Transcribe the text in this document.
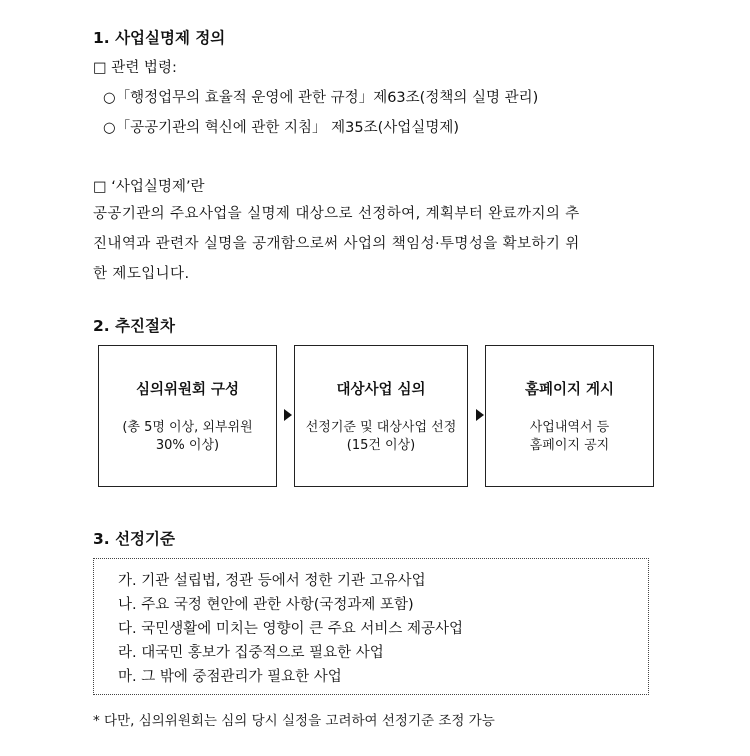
1. 사업실명제 정의
□ 관련 법령:
○「행정업무의 효율적 운영에 관한 규정」제63조(정책의 실명 관리)
○「공공기관의 혁신에 관한 지침」 제35조(사업실명제)
□ ‘사업실명제’란
공공기관의 주요사업을 실명제 대상으로 선정하여, 계획부터 완료까지의 추
진내역과 관련자 실명을 공개함으로써 사업의 책임성·투명성을 확보하기 위
한 제도입니다.
2. 추진절차
심의위원회 구성
(총 5명 이상, 외부위원
30% 이상)
대상사업 심의
선정기준 및 대상사업 선정
(15건 이상)
홈페이지 게시
사업내역서 등
홈페이지 공지
3. 선정기준
가. 기관 설립법, 정관 등에서 정한 기관 고유사업
나. 주요 국정 현안에 관한 사항(국정과제 포함)
다. 국민생활에 미치는 영향이 큰 주요 서비스 제공사업
라. 대국민 홍보가 집중적으로 필요한 사업
마. 그 밖에 중점관리가 필요한 사업
* 다만, 심의위원회는 심의 당시 실정을 고려하여 선정기준 조정 가능
